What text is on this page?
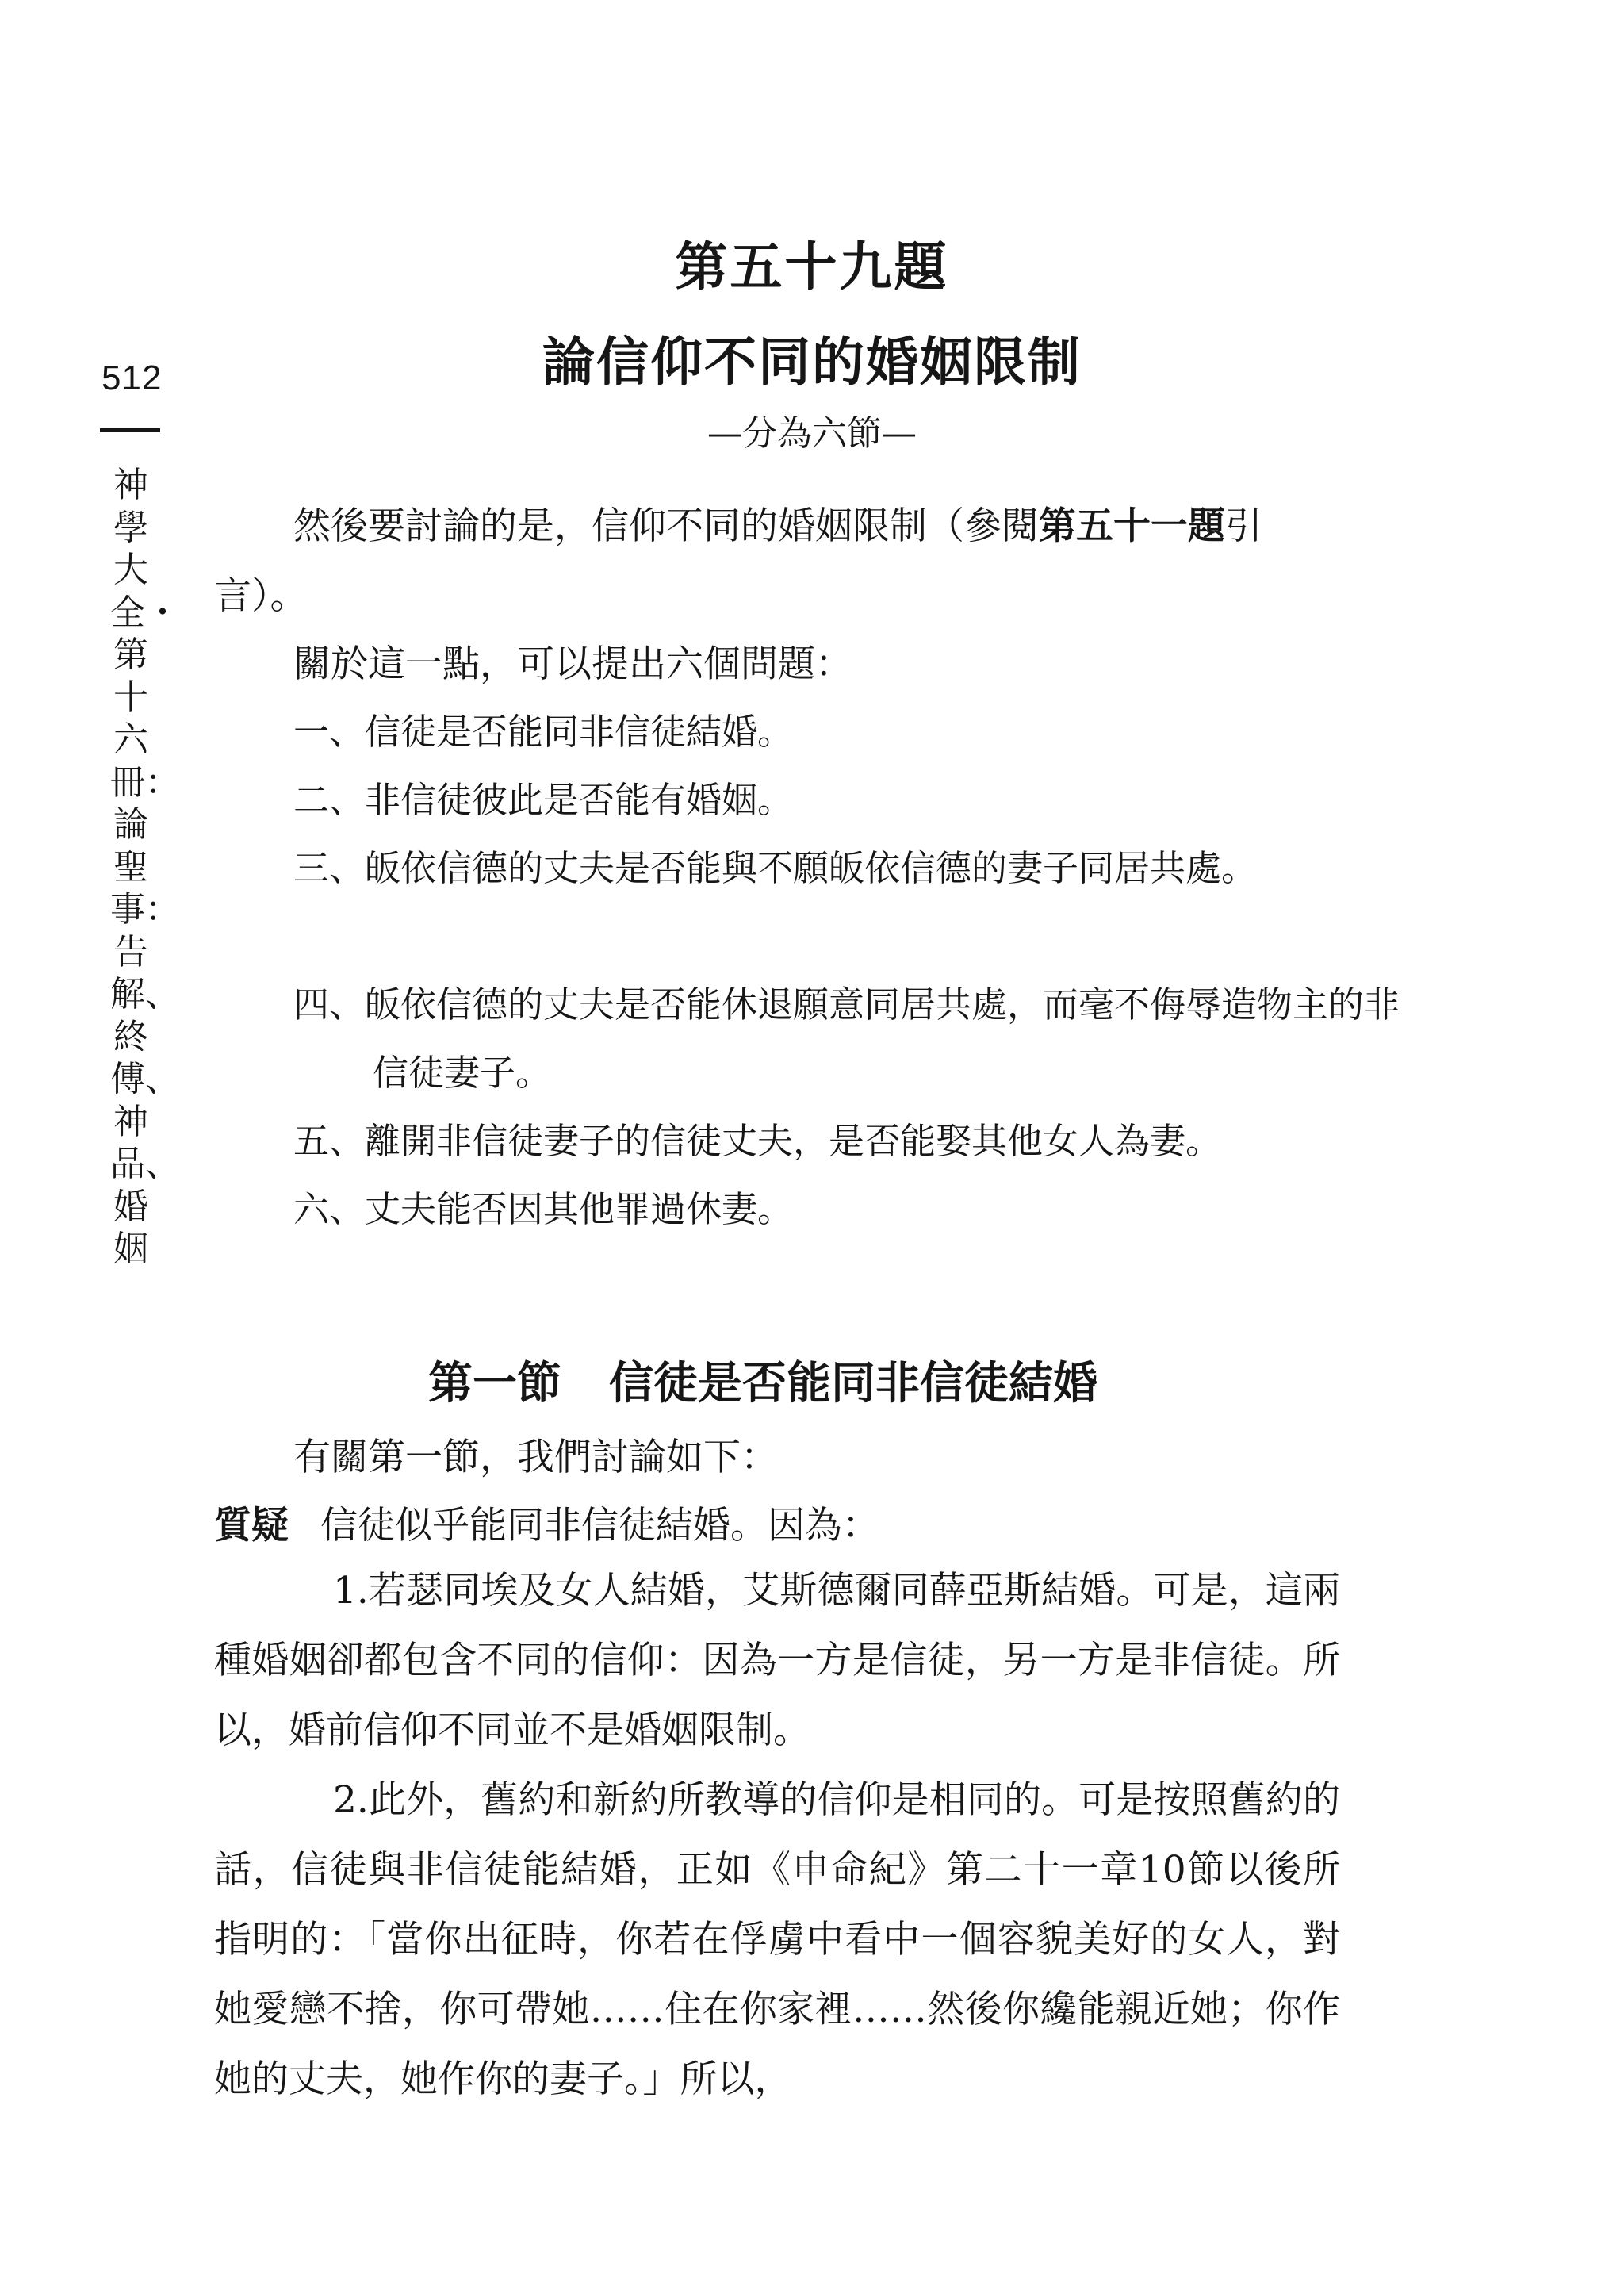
512
神學大全・第十六冊：論聖事：告解、終傅、神品、婚姻
第五十九題
論信仰不同的婚姻限制
—分為六節—

然後要討論的是，信仰不同的婚姻限制（參閱第五十一題引言）。

關於這一點，可以提出六個問題：

一、信徒是否能同非信徒結婚。

二、非信徒彼此是否能有婚姻。

三、皈依信德的丈夫是否能與不願皈依信德的妻子同居共處。

四、皈依信德的丈夫是否能休退願意同居共處，而毫不侮辱造物主的非信徒妻子。

五、離開非信徒妻子的信徒丈夫，是否能娶其他女人為妻。

六、丈夫能否因其他罪過休妻。

第一節 信徒是否能同非信徒結婚

有關第一節，我們討論如下：

質疑 信徒似乎能同非信徒結婚。因為：

1.若瑟同埃及女人結婚，艾斯德爾同薛亞斯結婚。可是，這兩種婚姻卻都包含不同的信仰：因為一方是信徒，另一方是非信徒。所以，婚前信仰不同並不是婚姻限制。

2.此外，舊約和新約所教導的信仰是相同的。可是按照舊約的話，信徒與非信徒能結婚，正如《申命紀》第二十一章10節以後所指明的：「當你出征時，你若在俘虜中看中一個容貌美好的女人，對她愛戀不捨，你可帶她……住在你家裡……然後你纔能親近她；你作她的丈夫，她作你的妻子。」所以，
